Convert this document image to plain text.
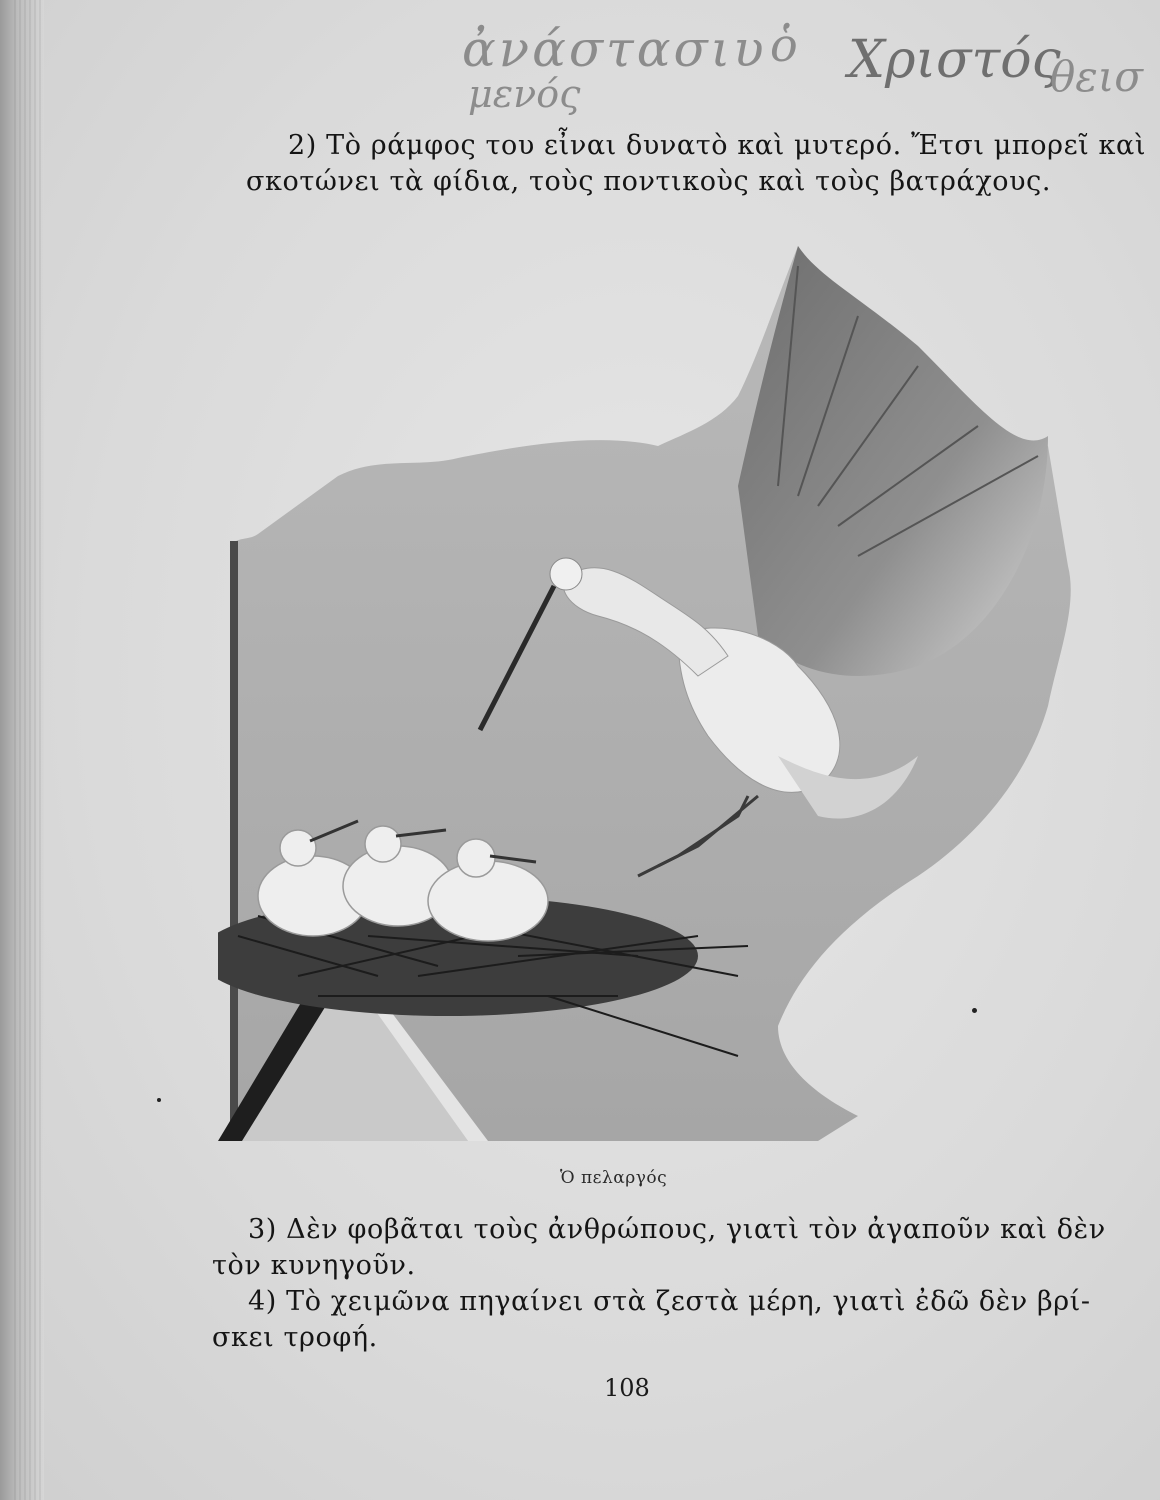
ἀνάστασιυ ὁ Χριστός
θεισ
μενός
2) Τὸ ράμφος του εἶναι δυνατὸ καὶ μυτερό. Ἔτσι μπορεῖ καὶ
σκοτώνει τὰ φίδια, τοὺς ποντικοὺς καὶ τοὺς βατράχους.
Ὁ πελαργός
3) Δὲν φοβᾶται τοὺς ἀνθρώπους, γιατὶ τὸν ἀγαποῦν καὶ δὲν
τὸν κυνηγοῦν.
4) Τὸ χειμῶνα πηγαίνει στὰ ζεστὰ μέρη, γιατὶ ἐδῶ δὲν βρί-
σκει τροφή.
108
